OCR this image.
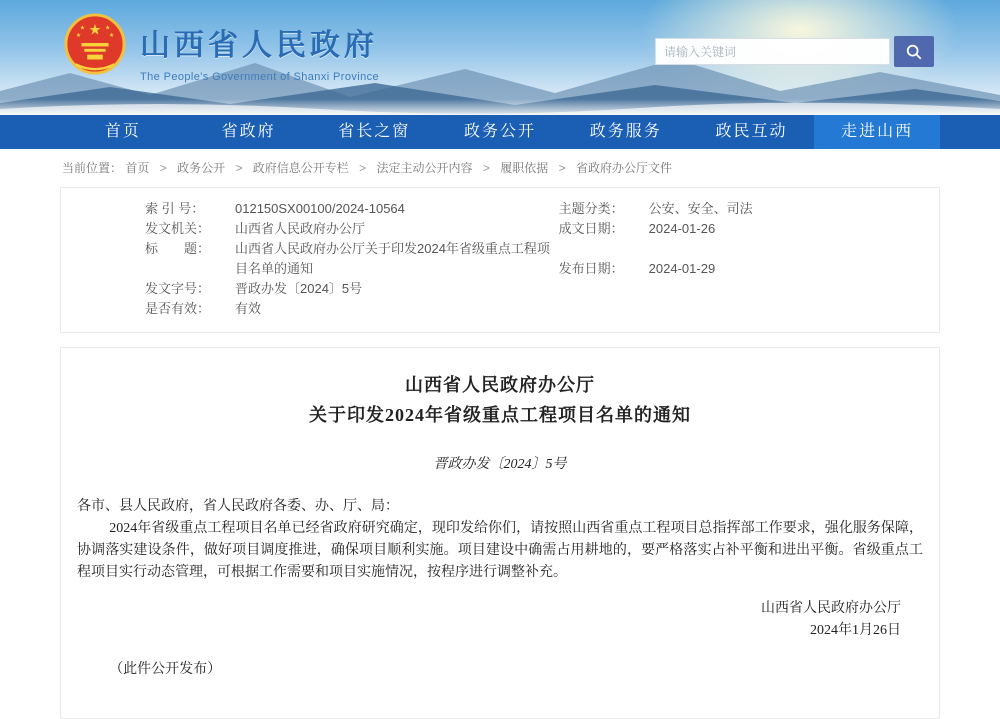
★
★	★
★	★ 山西省人民政府
The People's Government of Shanxi Province
请输入关键词
首页	省政府	省长之窗	政务公开	政务服务	政民互动	走进山西
当前位置： 首页 > 政务公开 > 政府信息公开专栏 > 法定主动公开内容 > 履职依据 > 省政府办公厅文件
索 引 号：	012150SX00100/2024-10564
发文机关：	山西省人民政府办公厅
标　　题：	山西省人民政府办公厅关于印发2024年省级重点工程项目名单的通知
发文字号：	晋政办发〔2024〕5号
是否有效：	有效
主题分类：	公安、安全、司法
成文日期：	2024-01-26
发布日期：	2024-01-29
山西省人民政府办公厅
关于印发2024年省级重点工程项目名单的通知
晋政办发〔2024〕5号
各市、县人民政府，省人民政府各委、办、厅、局：
2024年省级重点工程项目名单已经省政府研究确定，现印发给你们，请按照山西省重点工程项目总指挥部工作要求，强化服务保障，协调落实建设条件，做好项目调度推进，确保项目顺利实施。项目建设中确需占用耕地的，要严格落实占补平衡和进出平衡。省级重点工程项目实行动态管理，可根据工作需要和项目实施情况，按程序进行调整补充。
山西省人民政府办公厅
2024年1月26日
（此件公开发布）
